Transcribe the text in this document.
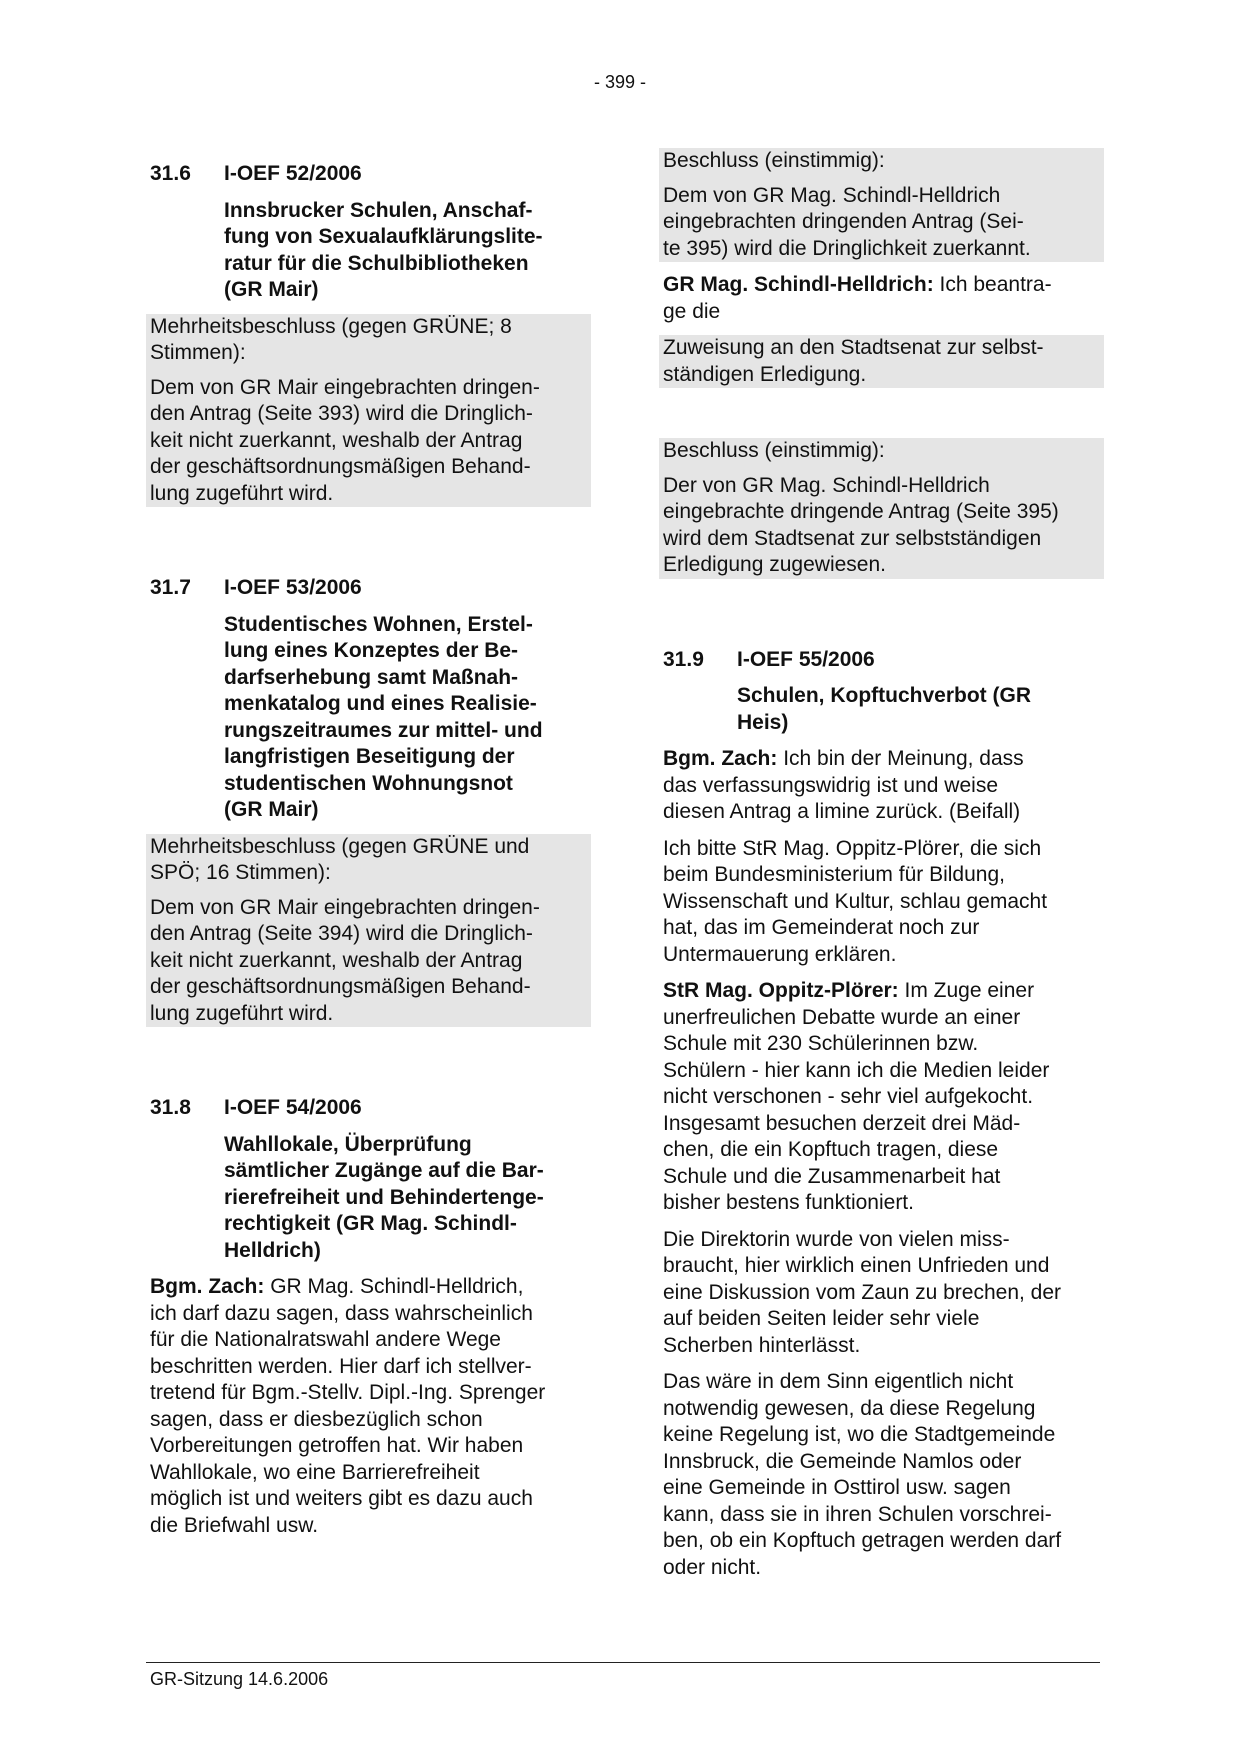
- 399 -
31.6	I-OEF 52/2006

Innsbrucker Schulen, Anschaf-
fung von Sexualaufklärungslite-
ratur für die Schulbibliotheken
(GR Mair)

Mehrheitsbeschluss (gegen GRÜNE; 8
Stimmen):

Dem von GR Mair eingebrachten dringen-
den Antrag (Seite 393) wird die Dringlich-
keit nicht zuerkannt, weshalb der Antrag
der geschäftsordnungsmäßigen Behand-
lung zugeführt wird.

31.7	I-OEF 53/2006

Studentisches Wohnen, Erstel-
lung eines Konzeptes der Be-
darfserhebung samt Maßnah-
menkatalog und eines Realisie-
rungszeitraumes zur mittel- und
langfristigen Beseitigung der
studentischen Wohnungsnot
(GR Mair)

Mehrheitsbeschluss (gegen GRÜNE und
SPÖ; 16 Stimmen):

Dem von GR Mair eingebrachten dringen-
den Antrag (Seite 394) wird die Dringlich-
keit nicht zuerkannt, weshalb der Antrag
der geschäftsordnungsmäßigen Behand-
lung zugeführt wird.

31.8	I-OEF 54/2006

Wahllokale, Überprüfung
sämtlicher Zugänge auf die Bar-
rierefreiheit und Behindertenge-
rechtigkeit (GR Mag. Schindl-
Helldrich)

Bgm. Zach: GR Mag. Schindl-Helldrich,
ich darf dazu sagen, dass wahrscheinlich
für die Nationalratswahl andere Wege
beschritten werden. Hier darf ich stellver-
tretend für Bgm.-Stellv. Dipl.-Ing. Sprenger
sagen, dass er diesbezüglich schon
Vorbereitungen getroffen hat. Wir haben
Wahllokale, wo eine Barrierefreiheit
möglich ist und weiters gibt es dazu auch
die Briefwahl usw.

Beschluss (einstimmig):

Dem von GR Mag. Schindl-Helldrich
eingebrachten dringenden Antrag (Sei-
te 395) wird die Dringlichkeit zuerkannt.

GR Mag. Schindl-Helldrich: Ich beantra-
ge die

Zuweisung an den Stadtsenat zur selbst-
ständigen Erledigung.

Beschluss (einstimmig):

Der von GR Mag. Schindl-Helldrich
eingebrachte dringende Antrag (Seite 395)
wird dem Stadtsenat zur selbstständigen
Erledigung zugewiesen.

31.9	I-OEF 55/2006

Schulen, Kopftuchverbot (GR
Heis)

Bgm. Zach: Ich bin der Meinung, dass
das verfassungswidrig ist und weise
diesen Antrag a limine zurück. (Beifall)

Ich bitte StR Mag. Oppitz-Plörer, die sich
beim Bundesministerium für Bildung,
Wissenschaft und Kultur, schlau gemacht
hat, das im Gemeinderat noch zur
Untermauerung erklären.

StR Mag. Oppitz-Plörer: Im Zuge einer
unerfreulichen Debatte wurde an einer
Schule mit 230 Schülerinnen bzw.
Schülern - hier kann ich die Medien leider
nicht verschonen - sehr viel aufgekocht.
Insgesamt besuchen derzeit drei Mäd-
chen, die ein Kopftuch tragen, diese
Schule und die Zusammenarbeit hat
bisher bestens funktioniert.

Die Direktorin wurde von vielen miss-
braucht, hier wirklich einen Unfrieden und
eine Diskussion vom Zaun zu brechen, der
auf beiden Seiten leider sehr viele
Scherben hinterlässt.

Das wäre in dem Sinn eigentlich nicht
notwendig gewesen, da diese Regelung
keine Regelung ist, wo die Stadtgemeinde
Innsbruck, die Gemeinde Namlos oder
eine Gemeinde in Osttirol usw. sagen
kann, dass sie in ihren Schulen vorschrei-
ben, ob ein Kopftuch getragen werden darf
oder nicht.

GR-Sitzung 14.6.2006
